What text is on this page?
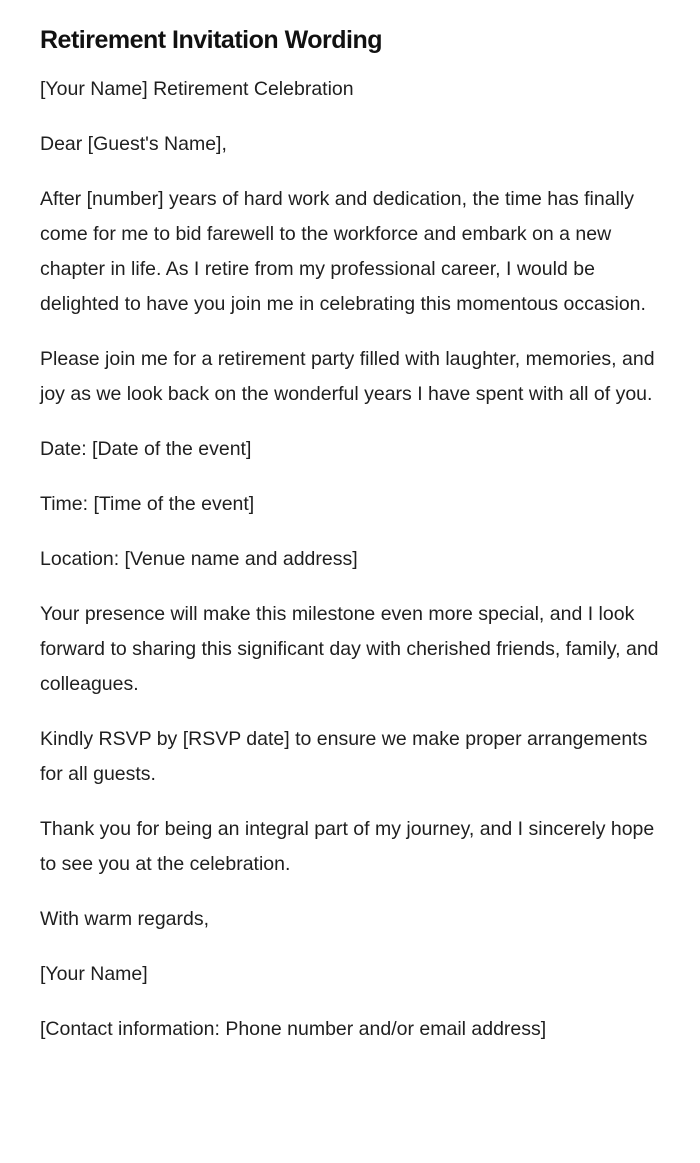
Retirement Invitation Wording

[Your Name] Retirement Celebration

Dear [Guest's Name],

After [number] years of hard work and dedication, the time has finally come for me to bid farewell to the workforce and embark on a new chapter in life. As I retire from my professional career, I would be delighted to have you join me in celebrating this momentous occasion.

Please join me for a retirement party filled with laughter, memories, and joy as we look back on the wonderful years I have spent with all of you.

Date: [Date of the event]

Time: [Time of the event]

Location: [Venue name and address]

Your presence will make this milestone even more special, and I look forward to sharing this significant day with cherished friends, family, and colleagues.

Kindly RSVP by [RSVP date] to ensure we make proper arrangements for all guests.

Thank you for being an integral part of my journey, and I sincerely hope to see you at the celebration.

With warm regards,

[Your Name]

[Contact information: Phone number and/or email address]
